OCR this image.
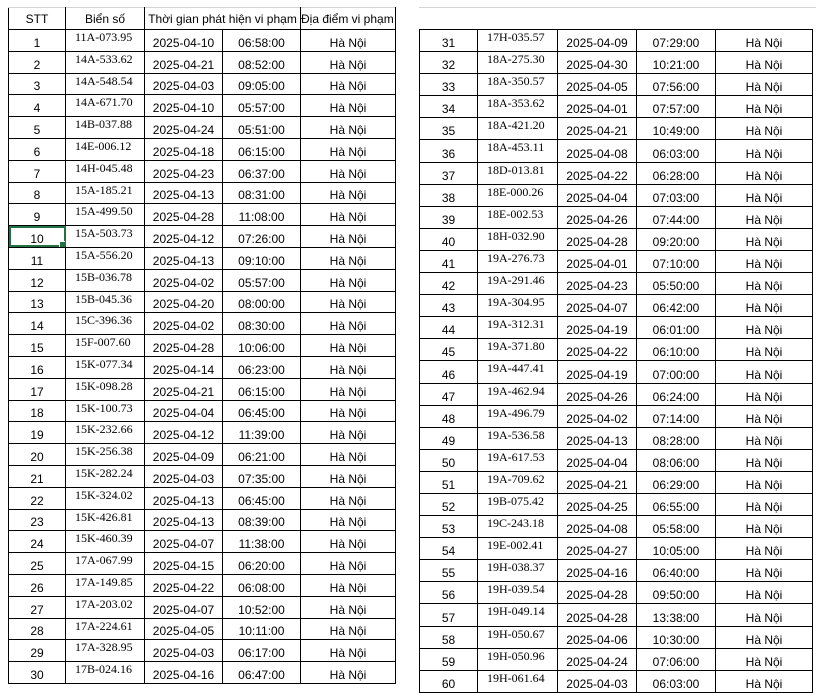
STT	Biển số	Thời gian phát hiện vi phạm		Địa điểm vi phạm
1	11A-073.95	2025-04-10	06:58:00	Hà Nội
2	14A-533.62	2025-04-21	08:52:00	Hà Nội
3	14A-548.54	2025-04-03	09:05:00	Hà Nội
4	14A-671.70	2025-04-10	05:57:00	Hà Nội
5	14B-037.88	2025-04-24	05:51:00	Hà Nội
6	14E-006.12	2025-04-18	06:15:00	Hà Nội
7	14H-045.48	2025-04-23	06:37:00	Hà Nội
8	15A-185.21	2025-04-13	08:31:00	Hà Nội
9	15A-499.50	2025-04-28	11:08:00	Hà Nội
10	15A-503.73	2025-04-12	07:26:00	Hà Nội
11	15A-556.20	2025-04-13	09:10:00	Hà Nội
12	15B-036.78	2025-04-02	05:57:00	Hà Nội
13	15B-045.36	2025-04-20	08:00:00	Hà Nội
14	15C-396.36	2025-04-02	08:30:00	Hà Nội
15	15F-007.60	2025-04-28	10:06:00	Hà Nội
16	15K-077.34	2025-04-14	06:23:00	Hà Nội
17	15K-098.28	2025-04-21	06:15:00	Hà Nội
18	15K-100.73	2025-04-04	06:45:00	Hà Nội
19	15K-232.66	2025-04-12	11:39:00	Hà Nội
20	15K-256.38	2025-04-09	06:21:00	Hà Nội
21	15K-282.24	2025-04-03	07:35:00	Hà Nội
22	15K-324.02	2025-04-13	06:45:00	Hà Nội
23	15K-426.81	2025-04-13	08:39:00	Hà Nội
24	15K-460.39	2025-04-07	11:38:00	Hà Nội
25	17A-067.99	2025-04-15	06:20:00	Hà Nội
26	17A-149.85	2025-04-22	06:08:00	Hà Nội
27	17A-203.02	2025-04-07	10:52:00	Hà Nội
28	17A-224.61	2025-04-05	10:11:00	Hà Nội
29	17A-328.95	2025-04-03	06:17:00	Hà Nội
30	17B-024.16	2025-04-16	06:47:00	Hà Nội
31	17H-035.57	2025-04-09	07:29:00	Hà Nội
32	18A-275.30	2025-04-30	10:21:00	Hà Nội
33	18A-350.57	2025-04-05	07:56:00	Hà Nội
34	18A-353.62	2025-04-01	07:57:00	Hà Nội
35	18A-421.20	2025-04-21	10:49:00	Hà Nội
36	18A-453.11	2025-04-08	06:03:00	Hà Nội
37	18D-013.81	2025-04-22	06:28:00	Hà Nội
38	18E-000.26	2025-04-04	07:03:00	Hà Nội
39	18E-002.53	2025-04-26	07:44:00	Hà Nội
40	18H-032.90	2025-04-28	09:20:00	Hà Nội
41	19A-276.73	2025-04-01	07:10:00	Hà Nội
42	19A-291.46	2025-04-23	05:50:00	Hà Nội
43	19A-304.95	2025-04-07	06:42:00	Hà Nội
44	19A-312.31	2025-04-19	06:01:00	Hà Nội
45	19A-371.80	2025-04-22	06:10:00	Hà Nội
46	19A-447.41	2025-04-19	07:00:00	Hà Nội
47	19A-462.94	2025-04-26	06:24:00	Hà Nội
48	19A-496.79	2025-04-02	07:14:00	Hà Nội
49	19A-536.58	2025-04-13	08:28:00	Hà Nội
50	19A-617.53	2025-04-04	08:06:00	Hà Nội
51	19A-709.62	2025-04-21	06:29:00	Hà Nội
52	19B-075.42	2025-04-25	06:55:00	Hà Nội
53	19C-243.18	2025-04-08	05:58:00	Hà Nội
54	19E-002.41	2025-04-27	10:05:00	Hà Nội
55	19H-038.37	2025-04-16	06:40:00	Hà Nội
56	19H-039.54	2025-04-28	09:50:00	Hà Nội
57	19H-049.14	2025-04-28	13:38:00	Hà Nội
58	19H-050.67	2025-04-06	10:30:00	Hà Nội
59	19H-050.96	2025-04-24	07:06:00	Hà Nội
60	19H-061.64	2025-04-03	06:03:00	Hà Nội
